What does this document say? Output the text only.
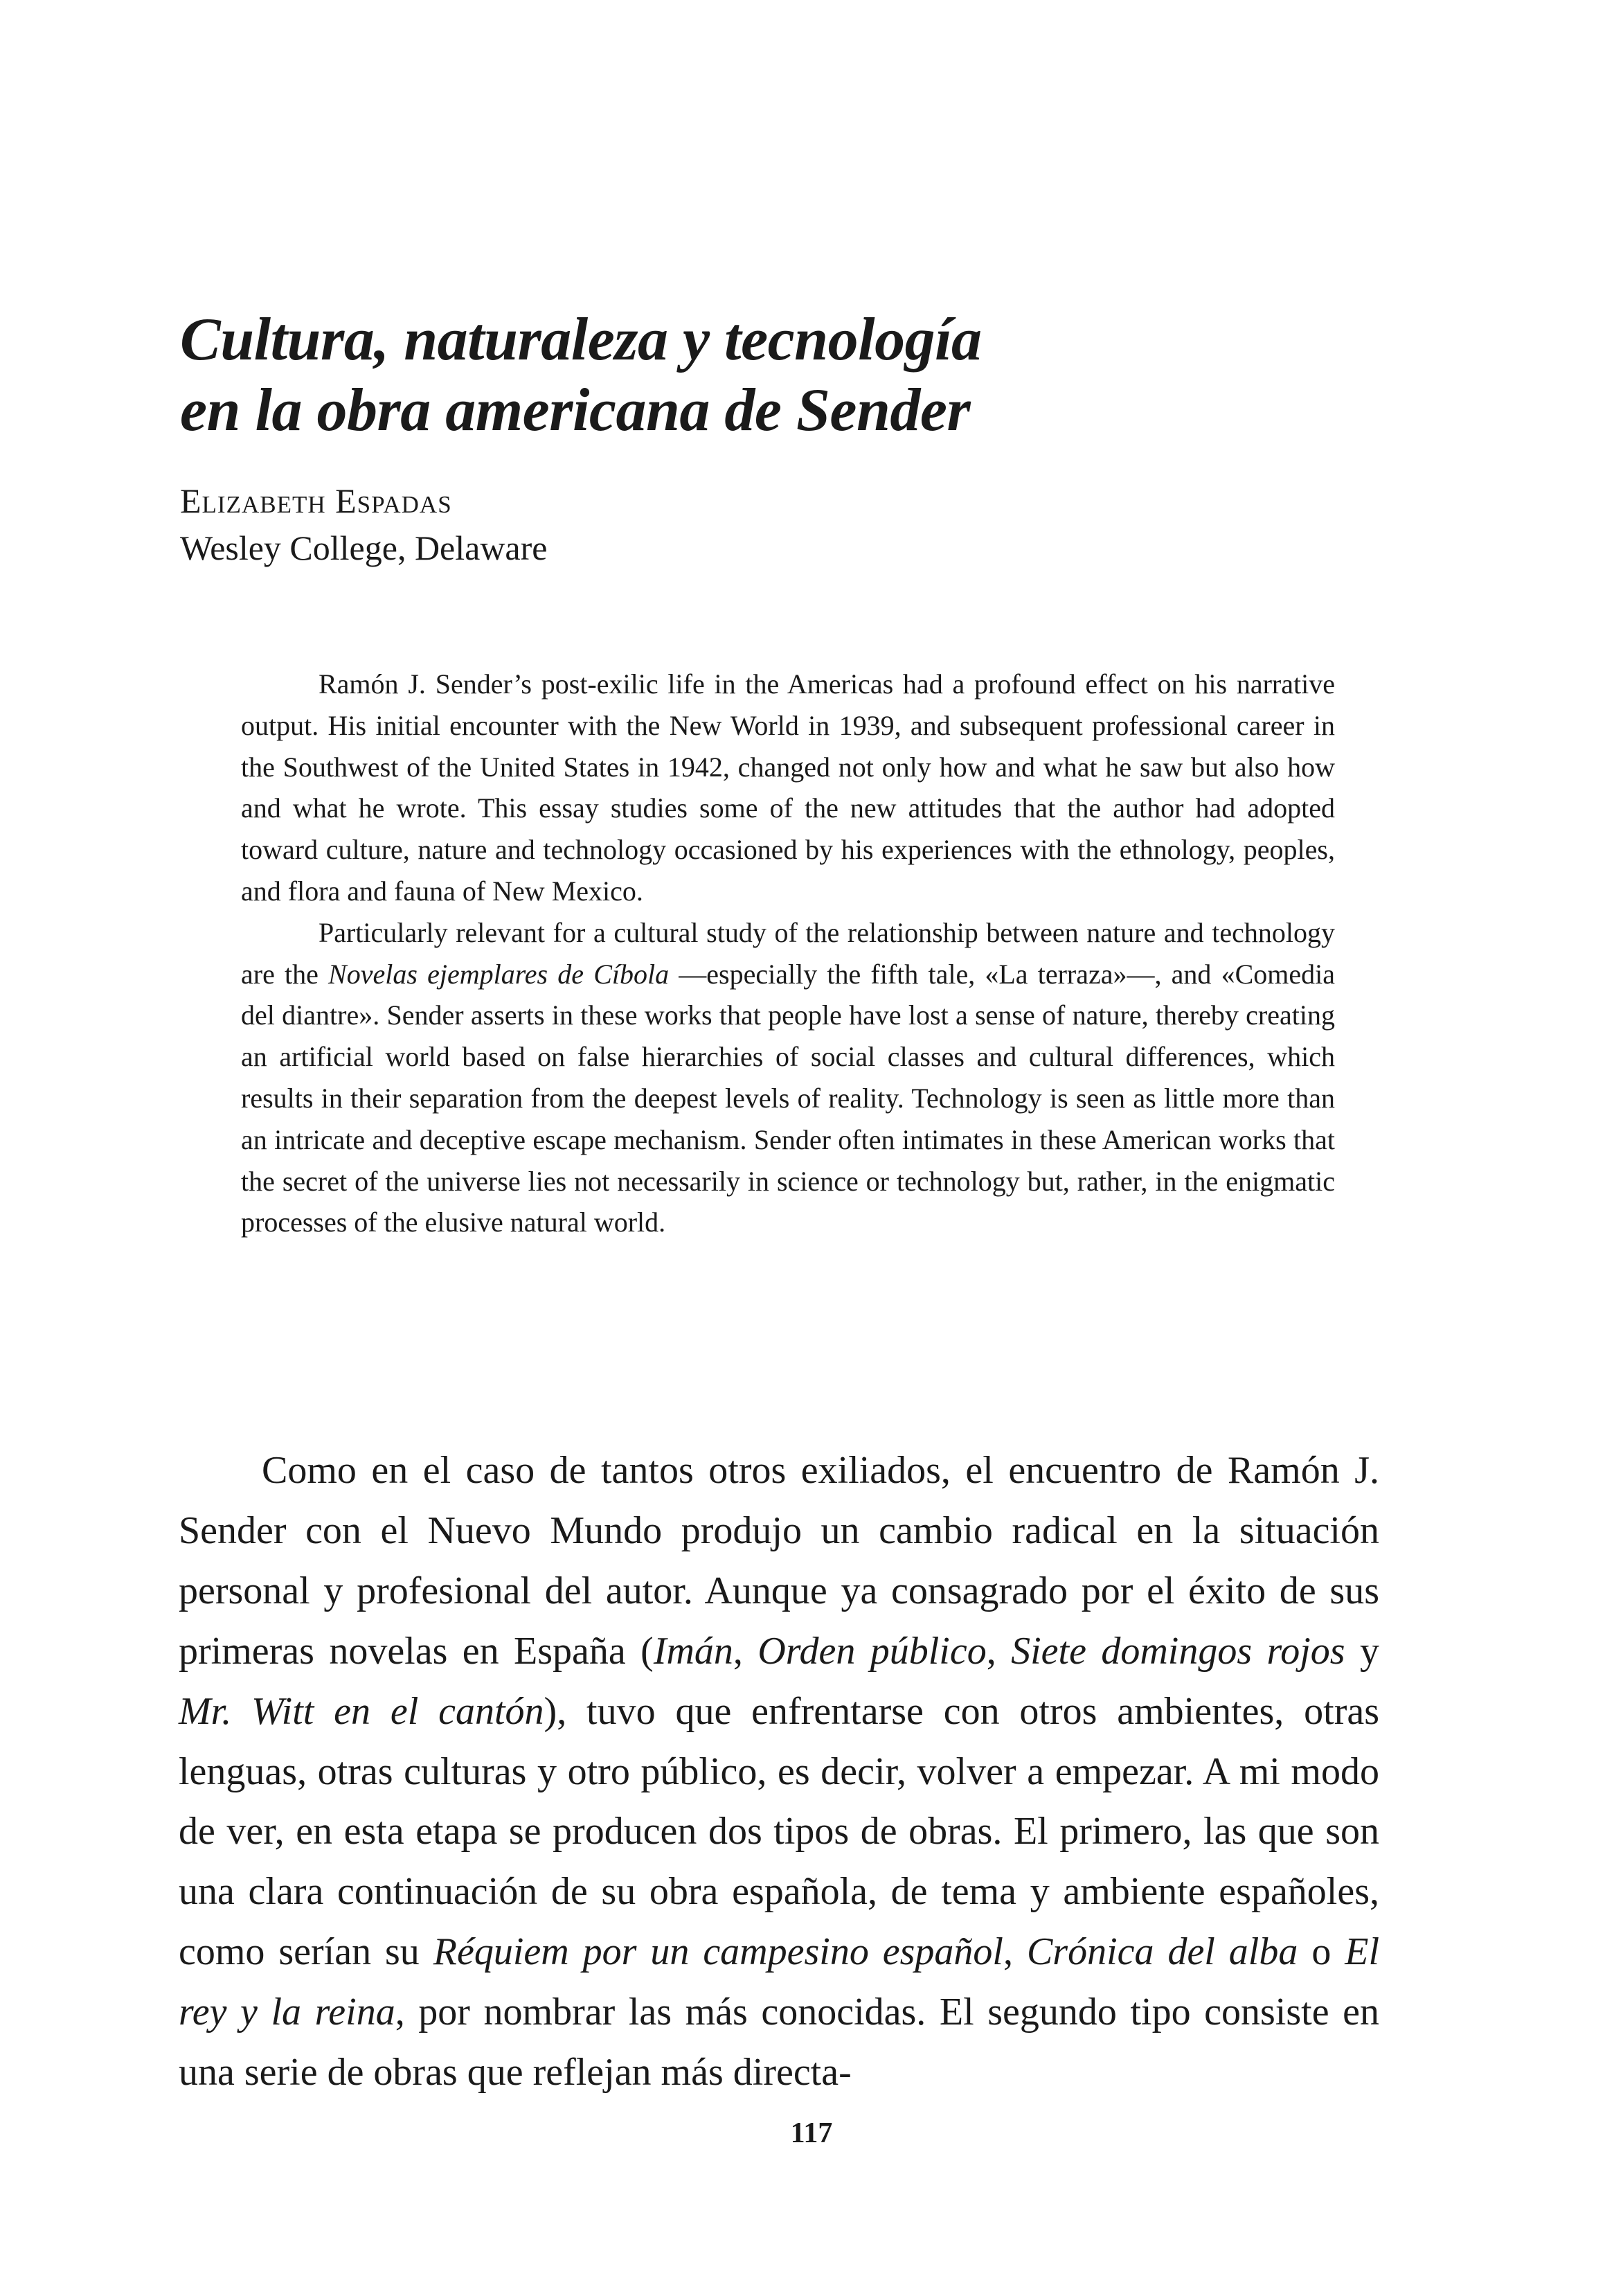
Cultura, naturaleza y tecnología

en la obra americana de Sender

Elizabeth Espadas
Wesley College, Delaware

Ramón J. Sender’s post-exilic life in the Americas had a profound effect on his narrative output. His initial encounter with the New World in 1939, and subsequent professional career in the Southwest of the United States in 1942, changed not only how and what he saw but also how and what he wrote. This essay studies some of the new attitudes that the author had adopted toward culture, nature and technology occasioned by his experiences with the ethnology, peoples, and flora and fauna of New Mexico.

Particularly relevant for a cultural study of the relationship between nature and technology are the Novelas ejemplares de Cíbola —especially the fifth tale, «La terraza»—, and «Comedia del diantre». Sender asserts in these works that people have lost a sense of nature, thereby creating an artificial world based on false hierarchies of social classes and cultural differences, which results in their separation from the deepest levels of reality. Technology is seen as little more than an intricate and deceptive escape mechanism. Sender often intimates in these American works that the secret of the universe lies not necessarily in science or technology but, rather, in the enigmatic processes of the elusive natural world.

Como en el caso de tantos otros exiliados, el encuentro de Ramón J. Sender con el Nuevo Mundo produjo un cambio radical en la situación personal y profesional del autor. Aunque ya consagrado por el éxito de sus primeras novelas en España (Imán, Orden público, Siete domingos rojos y Mr. Witt en el cantón), tuvo que enfrentarse con otros ambientes, otras lenguas, otras culturas y otro público, es decir, volver a empezar. A mi modo de ver, en esta etapa se producen dos tipos de obras. El primero, las que son una clara continuación de su obra española, de tema y ambiente españoles, como serían su Réquiem por un campesino español, Crónica del alba o El rey y la reina, por nombrar las más conocidas. El segundo tipo consiste en una serie de obras que reflejan más directa-

117
